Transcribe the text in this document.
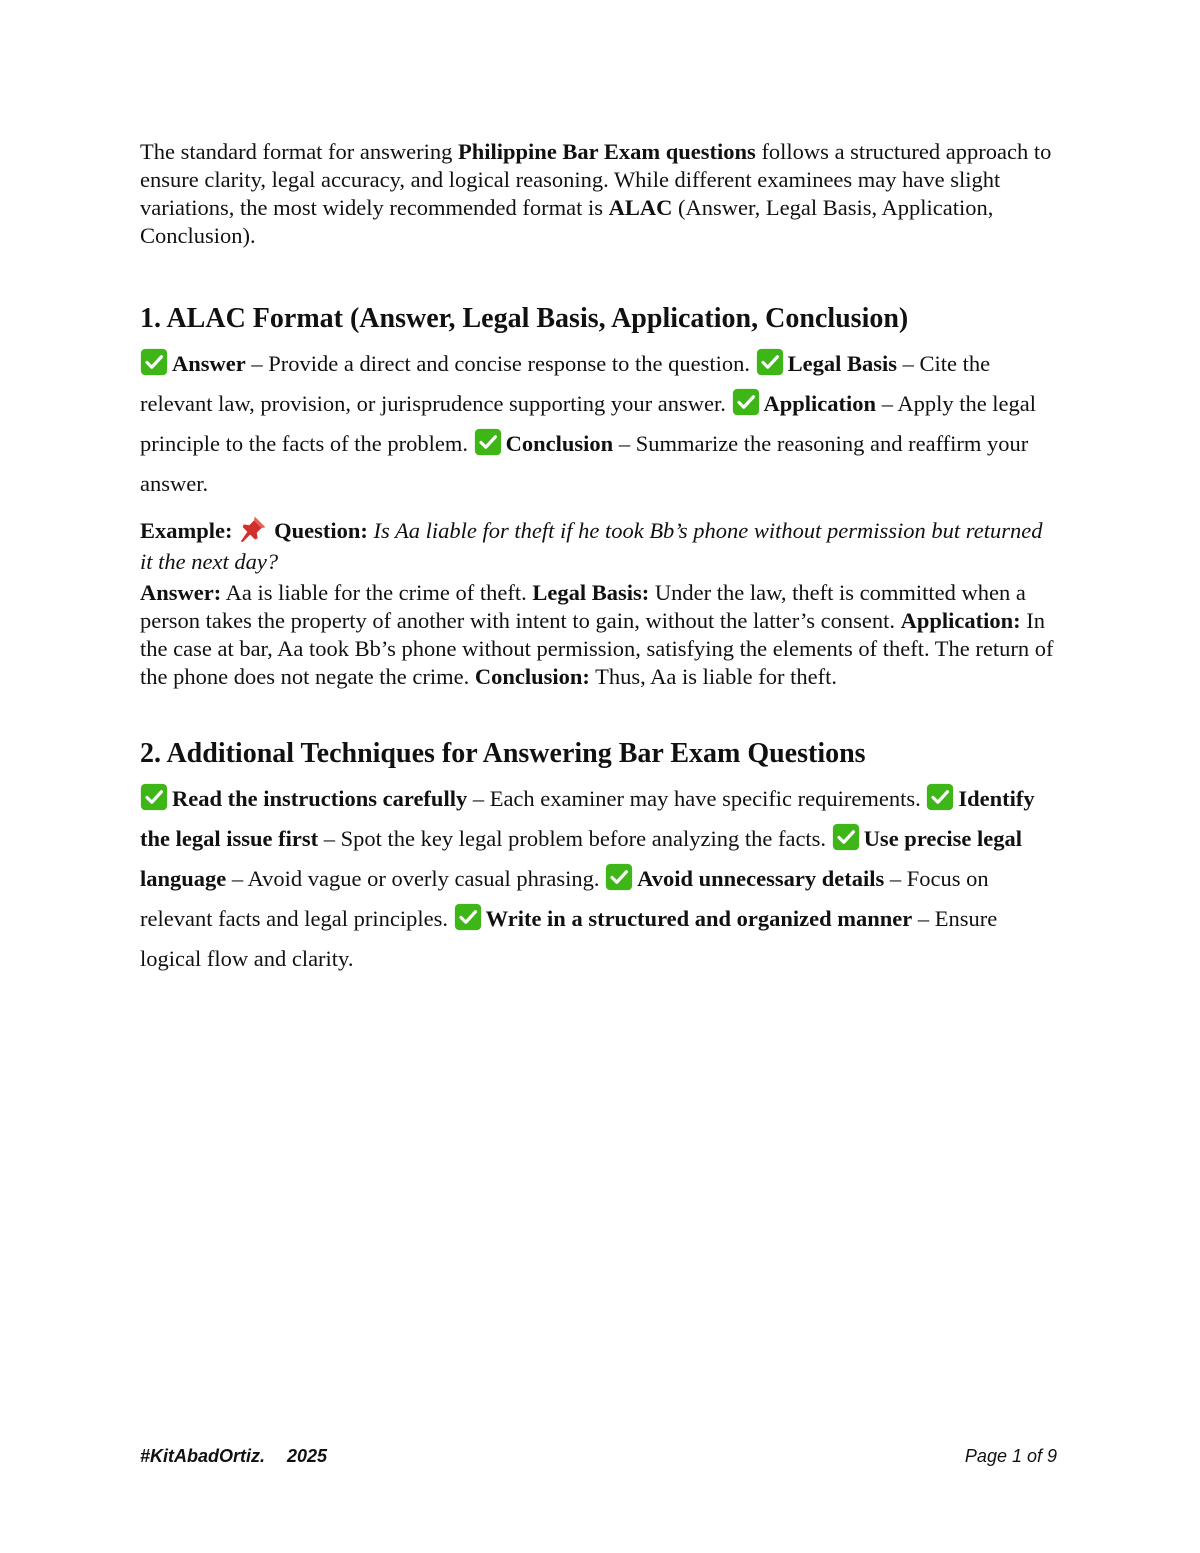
The standard format for answering Philippine Bar Exam questions follows a structured approach to ensure clarity, legal accuracy, and logical reasoning. While different examinees may have slight variations, the most widely recommended format is ALAC (Answer, Legal Basis, Application, Conclusion).

1. ALAC Format (Answer, Legal Basis, Application, Conclusion)

Answer – Provide a direct and concise response to the question. Legal Basis – Cite the relevant law, provision, or jurisprudence supporting your answer. Application – Apply the legal principle to the facts of the problem. Conclusion – Summarize the reasoning and reaffirm your answer.

Example: Question: Is Aa liable for theft if he took Bb’s phone without permission but returned it the next day?

Answer: Aa is liable for the crime of theft. Legal Basis: Under the law, theft is committed when a person takes the property of another with intent to gain, without the latter’s consent. Application: In the case at bar, Aa took Bb’s phone without permission, satisfying the elements of theft. The return of the phone does not negate the crime. Conclusion: Thus, Aa is liable for theft.

2. Additional Techniques for Answering Bar Exam Questions

Read the instructions carefully – Each examiner may have specific requirements. Identify the legal issue first – Spot the key legal problem before analyzing the facts. Use precise legal language – Avoid vague or overly casual phrasing. Avoid unnecessary details – Focus on relevant facts and legal principles. Write in a structured and organized manner – Ensure logical flow and clarity.

#KitAbadOrtiz. 2025	Page 1 of 9
